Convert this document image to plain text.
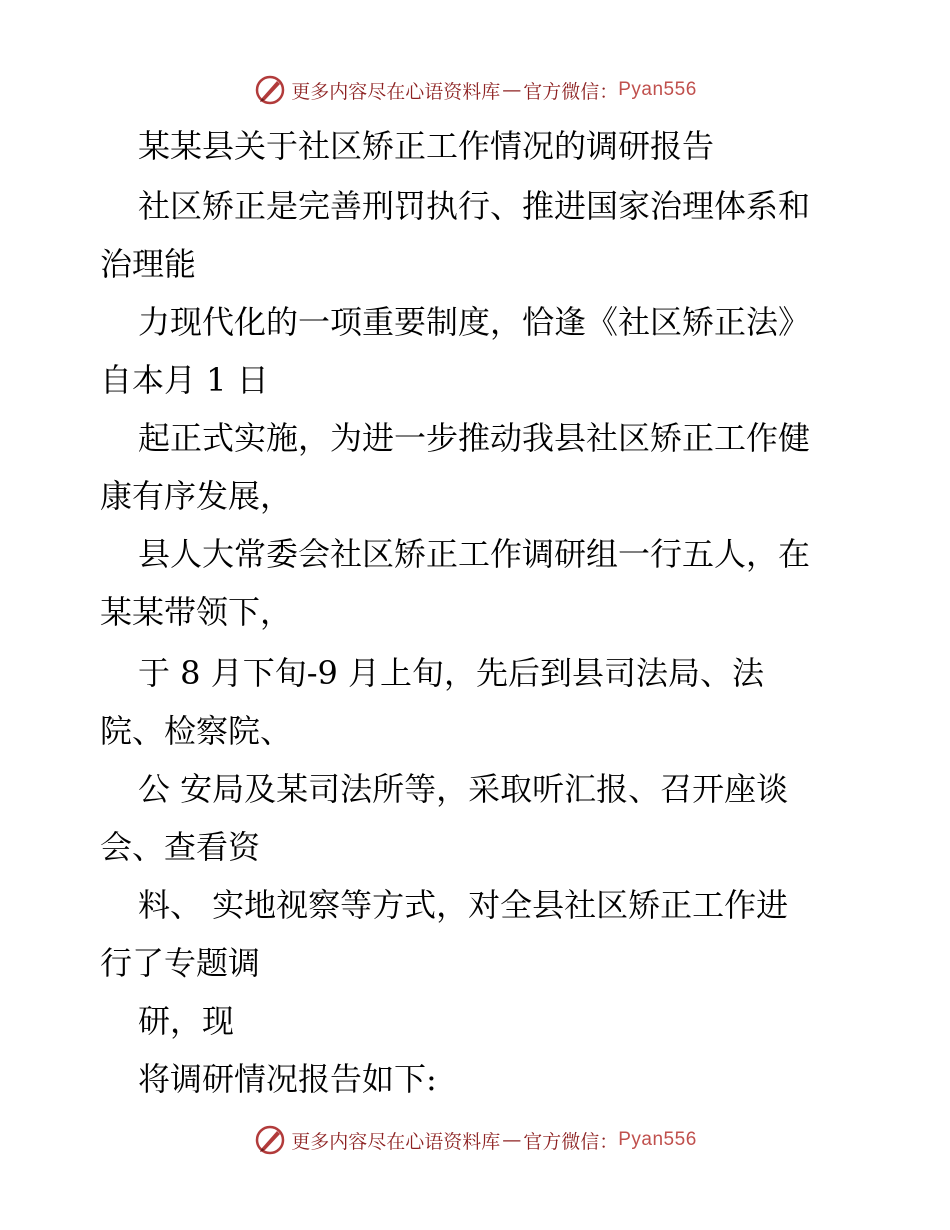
更多内容尽在心语资料库 — 官方微信： Pyan556
某某县关于社区矫正工作情况的调研报告
社区矫正是完善刑罚执行、推进国家治理体系和
治理能
力现代化的一项重要制度，恰逢《社区矫正法》
自本月 1 日
起正式实施，为进一步推动我县社区矫正工作健
康有序发展，
县人大常委会社区矫正工作调研组一行五人，在
某某带领下，
于 8 月下旬-9 月上旬，先后到县司法局、法
院、检察院、
公 安局及某司法所等，采取听汇报、召开座谈
会、查看资
料、 实地视察等方式，对全县社区矫正工作进
行了专题调
研，现
将调研情况报告如下:
更多内容尽在心语资料库 — 官方微信： Pyan556
